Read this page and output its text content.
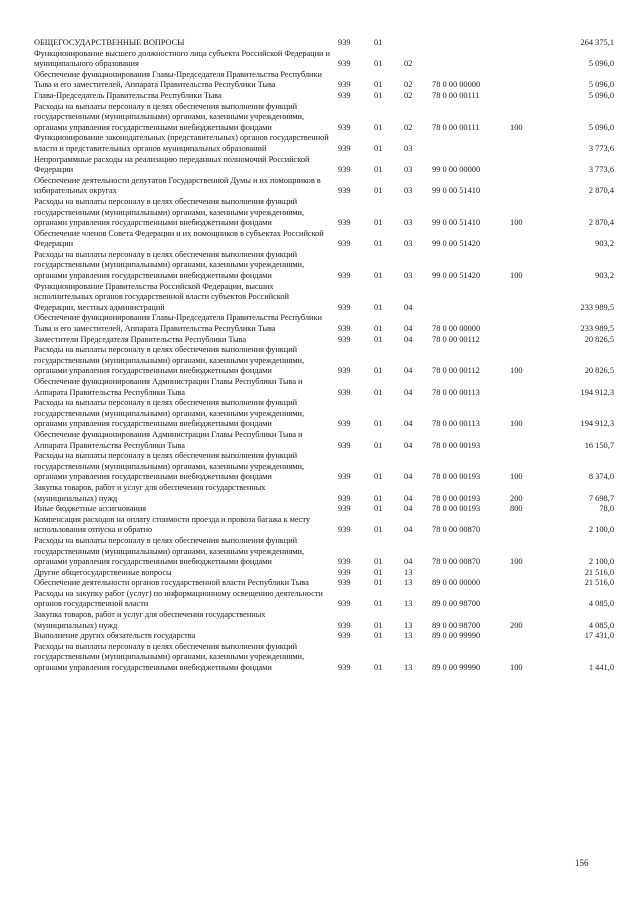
ОБЩЕГОСУДАРСТВЕННЫЕ ВОПРОСЫ	939	01				264 375,1
Функционирование высшего должностного лица субъекта Российской Федерации и муниципального образования	939	01	02			5 096,0
Обеспечение функционирования Главы-Председателя Правительства Республики Тыва и его заместителей, Аппарата Правительства Республики Тыва	939	01	02	78 0 00 00000		5 096,0
Глава-Председатель Правительства Республики Тыва	939	01	02	78 0 00 00111		5 096,0
Расходы на выплаты персоналу в целях обеспечения выполнения функций государственными (муниципальными) органами, казенными учреждениями, органами управления государственными внебюджетными фондами	939	01	02	78 0 00 00111	100	5 096,0
Функционирование законодательных (представительных) органов государственной власти и представительных органов муниципальных образований	939	01	03			3 773,6
Непрограммные расходы на реализацию переданных полномочий Российской Федерации	939	01	03	99 0 00 00000		3 773,6
Обеспечение деятельности депутатов Государственной Думы и их помощников в избирательных округах	939	01	03	99 0 00 51410		2 870,4
Расходы на выплаты персоналу в целях обеспечения выполнения функций государственными (муниципальными) органами, казенными учреждениями, органами управления государственными внебюджетными фондами	939	01	03	99 0 00 51410	100	2 870,4
Обеспечение членов Совета Федерации и их помощников в субъектах Российской Федерации	939	01	03	99 0 00 51420		903,2
Расходы на выплаты персоналу в целях обеспечения выполнения функций государственными (муниципальными) органами, казенными учреждениями, органами управления государственными внебюджетными фондами	939	01	03	99 0 00 51420	100	903,2
Функционирование Правительства Российской Федерации, высших исполнительных органов государственной власти субъектов Российской Федерации, местных администраций	939	01	04			233 989,5
Обеспечение функционирования Главы-Председателя Правительства Республики Тыва и его заместителей, Аппарата Правительства Республики Тыва	939	01	04	78 0 00 00000		233 989,5
Заместители Председателя Правительства Республики Тыва	939	01	04	78 0 00 00112		20 826,5
Расходы на выплаты персоналу в целях обеспечения выполнения функций государственными (муниципальными) органами, казенными учреждениями, органами управления государственными внебюджетными фондами	939	01	04	78 0 00 00112	100	20 826,5
Обеспечение функционирования Администрации Главы Республики Тыва и Аппарата Правительства Республики Тыва	939	01	04	78 0 00 00113		194 912,3
Расходы на выплаты персоналу в целях обеспечения выполнения функций государственными (муниципальными) органами, казенными учреждениями, органами управления государственными внебюджетными фондами	939	01	04	78 0 00 00113	100	194 912,3
Обеспечение функционирования Администрации Главы Республики Тыва и Аппарата Правительства Республики Тыва	939	01	04	78 0 00 00193		16 150,7
Расходы на выплаты персоналу в целях обеспечения выполнения функций государственными (муниципальными) органами, казенными учреждениями, органами управления государственными внебюджетными фондами	939	01	04	78 0 00 00193	100	8 374,0
Закупка товаров, работ и услуг для обеспечения государственных (муниципальных) нужд	939	01	04	78 0 00 00193	200	7 698,7
Иные бюджетные ассигнования	939	01	04	78 0 00 00193	800	78,0
Компенсация расходов на оплату стоимости проезда и провоза багажа к месту использования отпуска и обратно	939	01	04	78 0 00 00870		2 100,0
Расходы на выплаты персоналу в целях обеспечения выполнения функций государственными (муниципальными) органами, казенными учреждениями, органами управления государственными внебюджетными фондами	939	01	04	78 0 00 00870	100	2 100,0
Другие общегосударственные вопросы	939	01	13			21 516,0
Обеспечение деятельности органов государственной власти Республики Тыва	939	01	13	89 0 00 00000		21 516,0
Расходы на закупку работ (услуг) по информационному освещению деятельности органов государственной власти	939	01	13	89 0 00 98700		4 085,0
Закупка товаров, работ и услуг для обеспечения государственных (муниципальных) нужд	939	01	13	89 0 00 98700	200	4 085,0
Выполнение других обязательств государства	939	01	13	89 0 00 99990		17 431,0
Расходы на выплаты персоналу в целях обеспечения выполнения функций государственными (муниципальными) органами, казенными учреждениями, органами управления государственными внебюджетными фондами	939	01	13	89 0 00 99990	100	1 441,0
156
